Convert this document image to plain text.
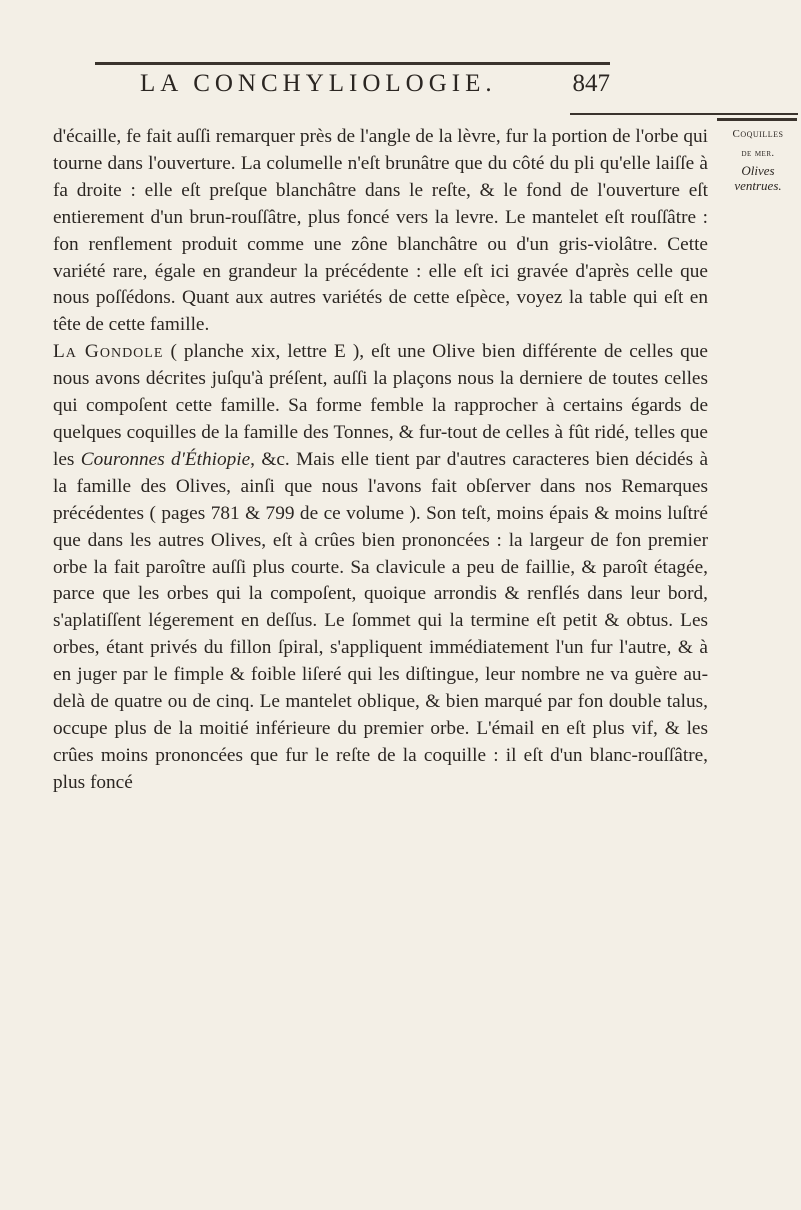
LA CONCHYLIOLOGIE.	847
Coquilles
de mer.
Olives ventrues.

d'écaille, fe fait auſſi remarquer près de l'angle de la lèvre, fur la portion de l'orbe qui tourne dans l'ouverture. La columelle n'eſt brunâtre que du côté du pli qu'elle laiſſe à fa droite : elle eſt preſque blanchâtre dans le reſte, & le fond de l'ouverture eſt entierement d'un brun-rouſſâtre, plus foncé vers la levre. Le mantelet eſt rouſſâtre : fon renflement produit comme une zône blanchâtre ou d'un gris-violâtre. Cette variété rare, égale en grandeur la précédente : elle eſt ici gravée d'après celle que nous poſſédons. Quant aux autres variétés de cette eſpèce, voyez la table qui eſt en tête de cette famille.

La Gondole ( planche xix, lettre E ), eſt une Olive bien différente de celles que nous avons décrites juſqu'à préſent, auſſi la plaçons nous la derniere de toutes celles qui compoſent cette famille. Sa forme femble la rapprocher à certains égards de quelques coquilles de la famille des Tonnes, & fur-tout de celles à fût ridé, telles que les Couronnes d'Éthiopie, &c. Mais elle tient par d'autres caracteres bien décidés à la famille des Olives, ainſi que nous l'avons fait obſerver dans nos Remarques précédentes ( pages 781 & 799 de ce volume ). Son teſt, moins épais & moins luſtré que dans les autres Olives, eſt à crûes bien prononcées : la largeur de fon premier orbe la fait paroître auſſi plus courte. Sa clavicule a peu de faillie, & paroît étagée, parce que les orbes qui la compoſent, quoique arrondis & renflés dans leur bord, s'aplatiſſent légerement en deſſus. Le ſommet qui la termine eſt petit & obtus. Les orbes, étant privés du fillon ſpiral, s'appliquent immédiatement l'un fur l'autre, & à en juger par le fimple & foible liſeré qui les diſtingue, leur nombre ne va guère au-delà de quatre ou de cinq. Le mantelet oblique, & bien marqué par fon double talus, occupe plus de la moitié inférieure du premier orbe. L'émail en eſt plus vif, & les crûes moins prononcées que fur le reſte de la coquille : il eſt d'un blanc-rouſſâtre, plus foncé
